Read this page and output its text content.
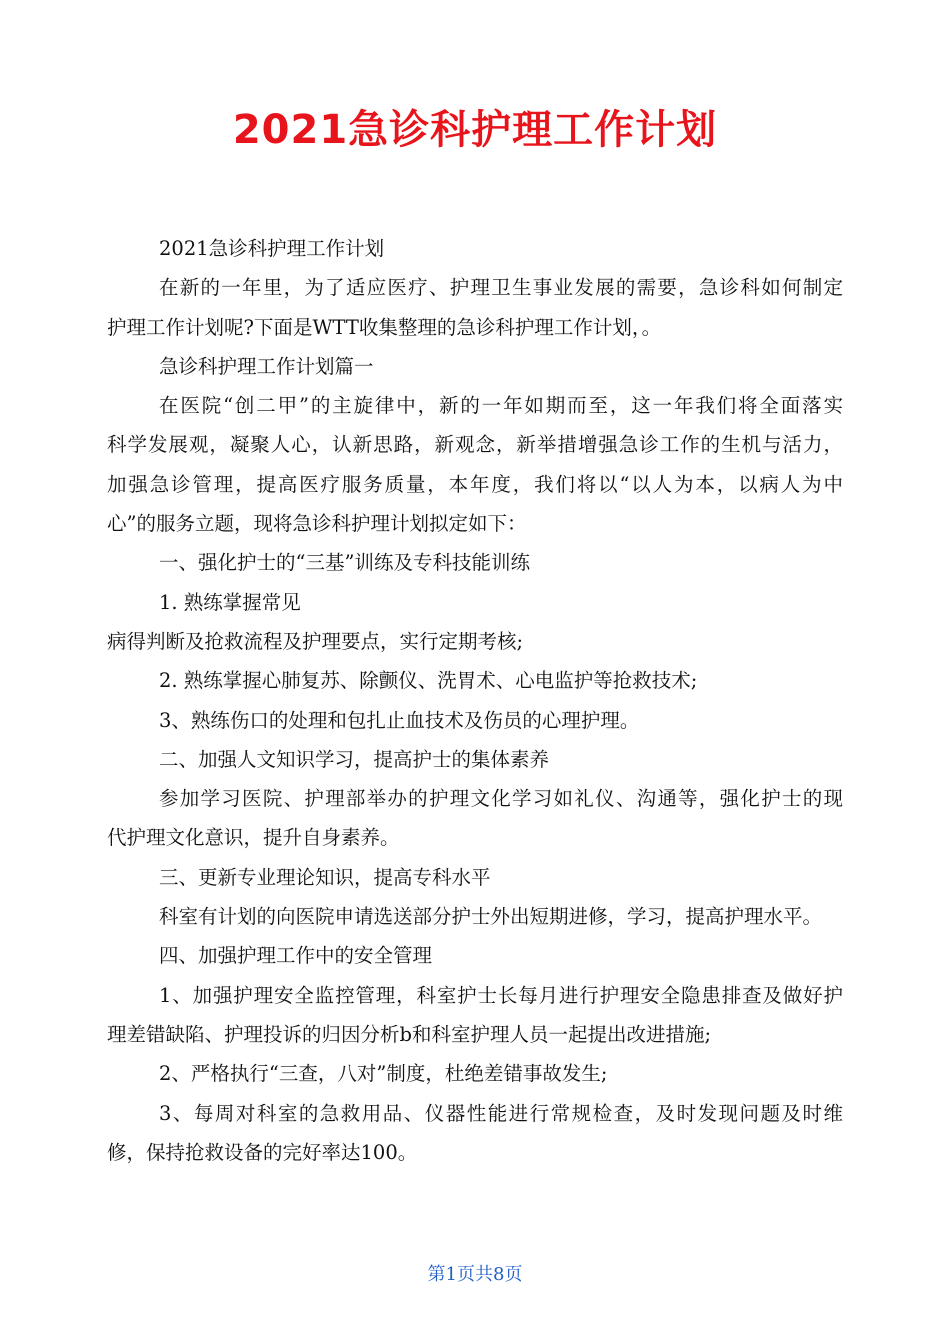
2021急诊科护理工作计划
2021急诊科护理工作计划
在新的一年里，为了适应医疗、护理卫生事业发展的需要，急诊科如何制定
护理工作计划呢?下面是WTT收集整理的急诊科护理工作计划，。
急诊科护理工作计划篇一
在医院“创二甲”的主旋律中，新的一年如期而至，这一年我们将全面落实
科学发展观，凝聚人心，认新思路，新观念，新举措增强急诊工作的生机与活力，
加强急诊管理，提高医疗服务质量，本年度，我们将以“以人为本，以病人为中
心”的服务立题，现将急诊科护理计划拟定如下：
一、强化护士的“三基”训练及专科技能训练
1. 熟练掌握常见
病得判断及抢救流程及护理要点，实行定期考核;
2. 熟练掌握心肺复苏、除颤仪、洗胃术、心电监护等抢救技术;
3、熟练伤口的处理和包扎止血技术及伤员的心理护理。
二、加强人文知识学习，提高护士的集体素养
参加学习医院、护理部举办的护理文化学习如礼仪、沟通等，强化护士的现
代护理文化意识，提升自身素养。
三、更新专业理论知识，提高专科水平
科室有计划的向医院申请选送部分护士外出短期进修，学习，提高护理水平。
四、加强护理工作中的安全管理
1、加强护理安全监控管理，科室护士长每月进行护理安全隐患排查及做好护
理差错缺陷、护理投诉的归因分析b和科室护理人员一起提出改进措施;
2、严格执行“三查，八对”制度，杜绝差错事故发生;
3、每周对科室的急救用品、仪器性能进行常规检查，及时发现问题及时维
修，保持抢救设备的完好率达100。
第1页共8页
